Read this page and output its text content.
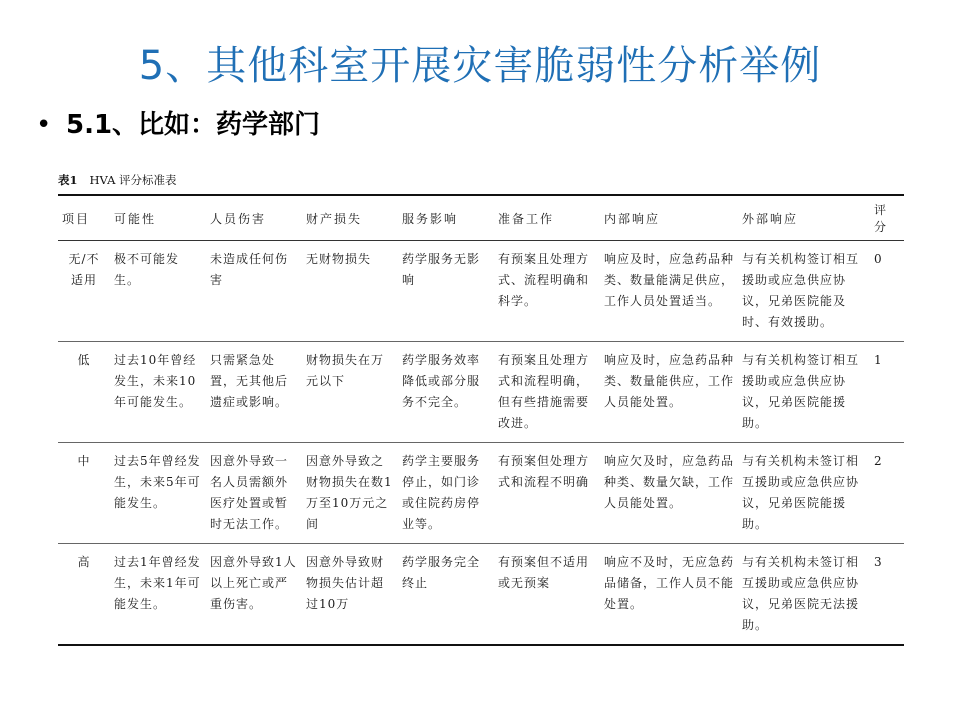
5、其他科室开展灾害脆弱性分析举例
• 5.1、比如：药学部门
表1 HVA 评分标准表
项目	可能性	人员伤害	财产损失	服务影响	准备工作	内部响应	外部响应	评分
无/不适用	极不可能发生。	未造成任何伤害	无财物损失	药学服务无影响	有预案且处理方式、流程明确和科学。	响应及时，应急药品种类、数量能满足供应，工作人员处置适当。	与有关机构签订相互援助或应急供应协议，兄弟医院能及时、有效援助。	0
低	过去10年曾经发生，未来10年可能发生。	只需紧急处置，无其他后遗症或影响。	财物损失在万元以下	药学服务效率降低或部分服务不完全。	有预案且处理方式和流程明确，但有些措施需要改进。	响应及时，应急药品种类、数量能供应，工作人员能处置。	与有关机构签订相互援助或应急供应协议，兄弟医院能援助。	1
中	过去5年曾经发生，未来5年可能发生。	因意外导致一名人员需额外医疗处置或暂时无法工作。	因意外导致之财物损失在数1万至10万元之间	药学主要服务停止，如门诊或住院药房停业等。	有预案但处理方式和流程不明确	响应欠及时，应急药品种类、数量欠缺，工作人员能处置。	与有关机构未签订相互援助或应急供应协议，兄弟医院能援助。	2
高	过去1年曾经发生，未来1年可能发生。	因意外导致1人以上死亡或严重伤害。	因意外导致财物损失估计超过10万	药学服务完全终止	有预案但不适用或无预案	响应不及时，无应急药品储备，工作人员不能处置。	与有关机构未签订相互援助或应急供应协议，兄弟医院无法援助。	3
